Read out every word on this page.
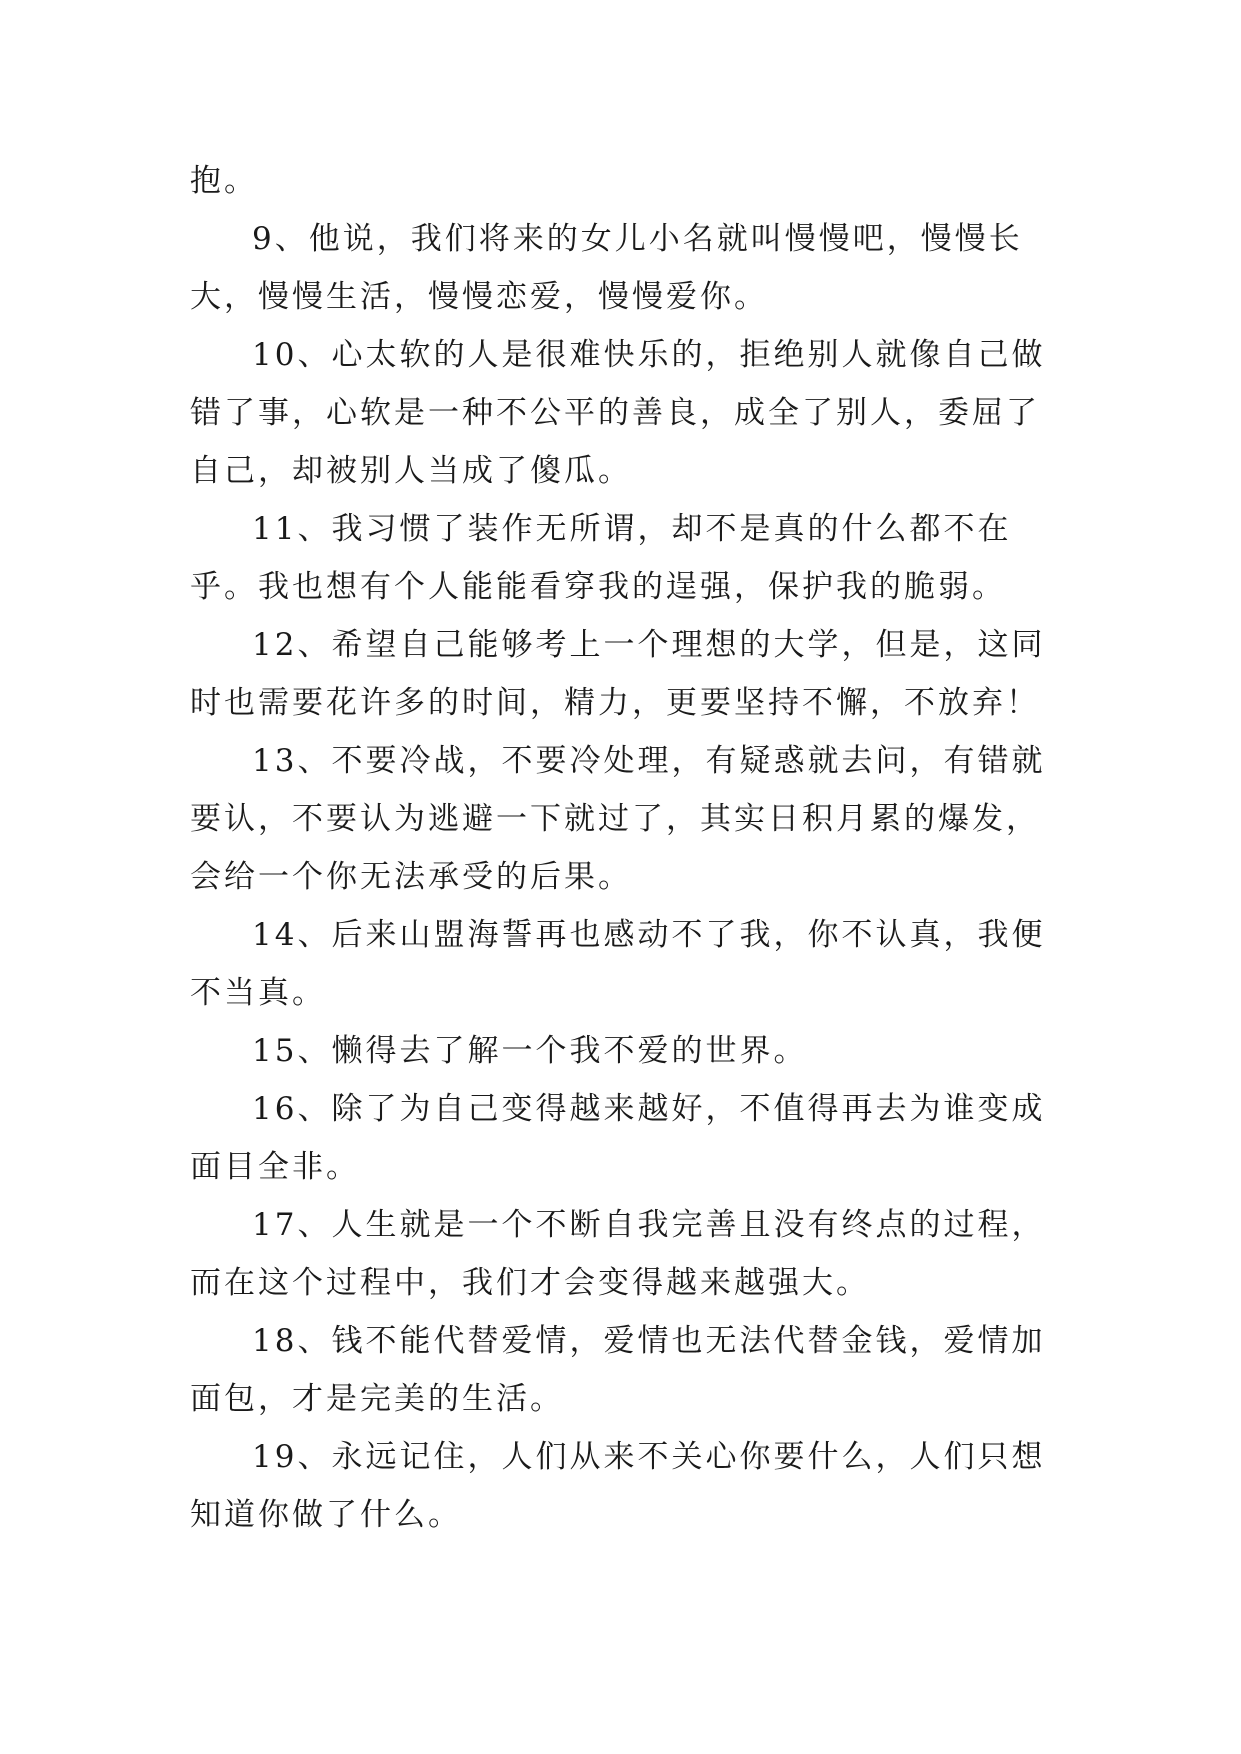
抱。

9、他说，我们将来的女儿小名就叫慢慢吧，慢慢长大，慢慢生活，慢慢恋爱，慢慢爱你。

10、心太软的人是很难快乐的，拒绝别人就像自己做错了事，心软是一种不公平的善良，成全了别人，委屈了自己，却被别人当成了傻瓜。

11、我习惯了装作无所谓，却不是真的什么都不在乎。我也想有个人能能看穿我的逞强，保护我的脆弱。

12、希望自己能够考上一个理想的大学，但是，这同时也需要花许多的时间，精力，更要坚持不懈，不放弃！

13、不要冷战，不要冷处理，有疑惑就去问，有错就要认，不要认为逃避一下就过了，其实日积月累的爆发，会给一个你无法承受的后果。

14、后来山盟海誓再也感动不了我，你不认真，我便不当真。

15、懒得去了解一个我不爱的世界。

16、除了为自己变得越来越好，不值得再去为谁变成面目全非。

17、人生就是一个不断自我完善且没有终点的过程，而在这个过程中，我们才会变得越来越强大。

18、钱不能代替爱情，爱情也无法代替金钱，爱情加面包，才是完美的生活。

19、永远记住，人们从来不关心你要什么，人们只想知道你做了什么。
